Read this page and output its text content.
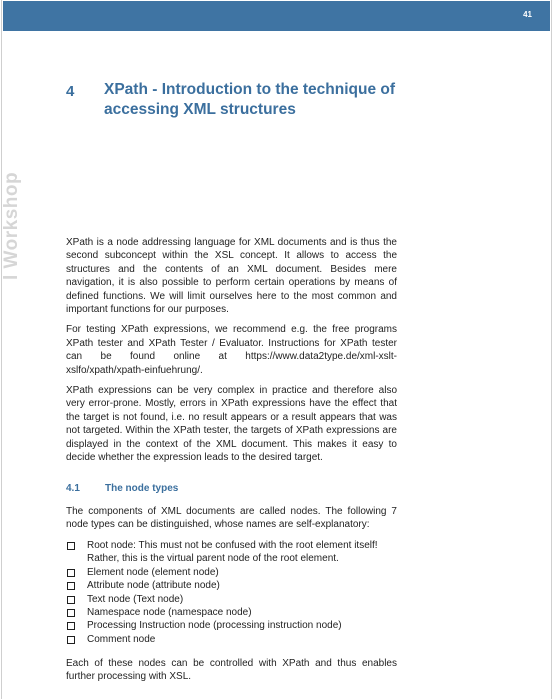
41
l Workshop
4 XPath - Introduction to the technique of accessing XML structures

XPath is a node addressing language for XML documents and is thus the second subconcept within the XSL concept. It allows to access the structures and the contents of an XML document. Besides mere navigation, it is also possible to perform certain operations by means of defined functions. We will limit ourselves here to the most common and important functions for our purposes.

For testing XPath expressions, we recommend e.g. the free programs XPath tester and XPath Tester / Evaluator. Instructions for XPath tester can be found online at https://www.data2type.de/xml-xslt-xslfo/xpath/xpath-einfuehrung/.

XPath expressions can be very complex in practice and therefore also very error-prone. Mostly, errors in XPath expressions have the effect that the target is not found, i.e. no result appears or a result appears that was not targeted. Within the XPath tester, the targets of XPath expressions are displayed in the context of the XML document. This makes it easy to decide whether the expression leads to the desired target.

4.1	The node types

The components of XML documents are called nodes. The following 7 node types can be distinguished, whose names are self-explanatory:

Root node: This must not be confused with the root element itself! Rather, this is the virtual parent node of the root element.
Element node (element node)
Attribute node (attribute node)
Text node (Text node)
Namespace node (namespace node)
Processing Instruction node (processing instruction node)
Comment node

Each of these nodes can be controlled with XPath and thus enables further processing with XSL.
